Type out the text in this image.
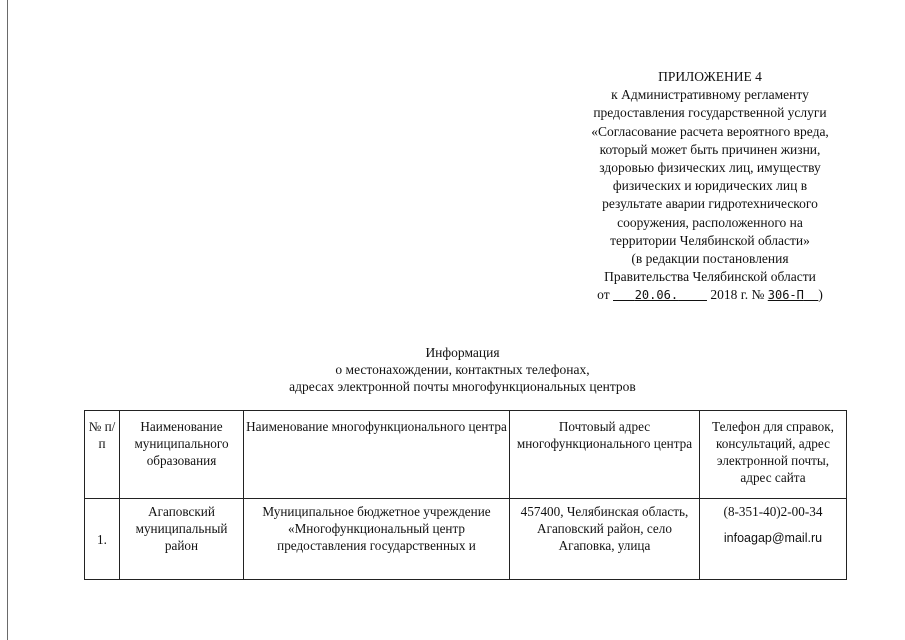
ПРИЛОЖЕНИЕ 4
к Административному регламенту
предоставления государственной услуги
«Согласование расчета вероятного вреда,
который может быть причинен жизни,
здоровью физических лиц, имуществу
физических и юридических лиц в
результате аварии гидротехнического
сооружения, расположенного на
территории Челябинской области»
(в редакции постановления
Правительства Челябинской области
от 20.06. 2018 г. № 306-П )
Информация
о местонахождении, контактных телефонах,
адресах электронной почты многофункциональных центров
№ п/п	Наименование муниципального образования	Наименование многофункционального центра	Почтовый адрес многофункционального центра	Телефон для справок, консультаций, адрес электронной почты, адрес сайта
1.	Агаповский муниципальный район	Муниципальное бюджетное учреждение «Многофункциональный центр предоставления государственных и	457400, Челябинская область, Агаповский район, село Агаповка, улица	(8-351-40)2-00-34
infoagap@mail.ru
